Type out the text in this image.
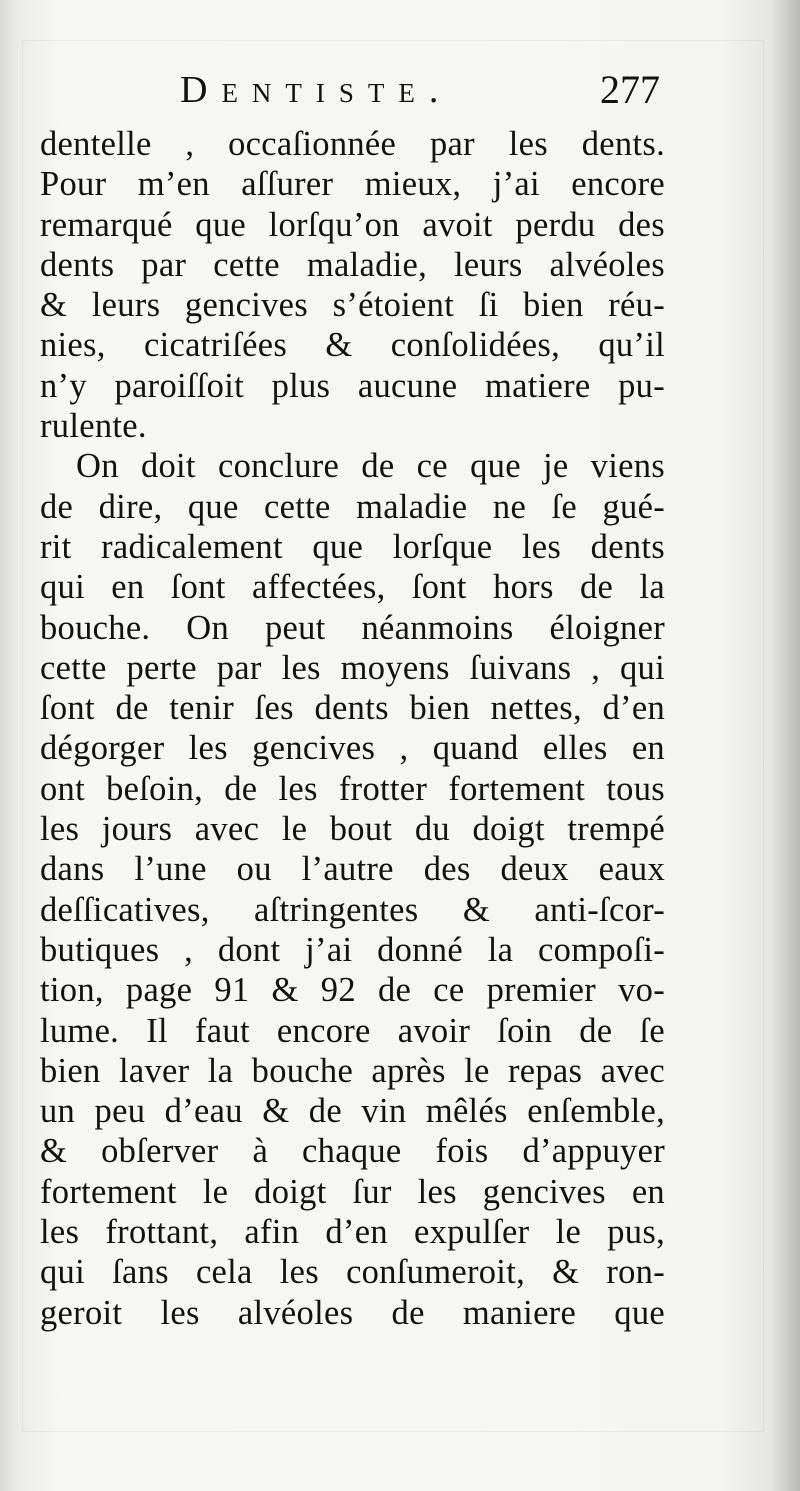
Dentiste.	277
dentelle , occaſionnée par les dents.
Pour m’en aſſurer mieux, j’ai encore
remarqué que lorſqu’on avoit perdu des
dents par cette maladie, leurs alvéoles
& leurs gencives s’étoient ſi bien réu-
nies, cicatriſées & conſolidées, qu’il
n’y paroiſſoit plus aucune matiere pu-
rulente.
On doit conclure de ce que je viens
de dire, que cette maladie ne ſe gué-
rit radicalement que lorſque les dents
qui en ſont affectées, ſont hors de la
bouche. On peut néanmoins éloigner
cette perte par les moyens ſuivans , qui
ſont de tenir ſes dents bien nettes, d’en
dégorger les gencives , quand elles en
ont beſoin, de les frotter fortement tous
les jours avec le bout du doigt trempé
dans l’une ou l’autre des deux eaux
deſſicatives, aſtringentes & anti-ſcor-
butiques , dont j’ai donné la compoſi-
tion, page 91 & 92 de ce premier vo-
lume. Il faut encore avoir ſoin de ſe
bien laver la bouche après le repas avec
un peu d’eau & de vin mêlés enſemble,
& obſerver à chaque fois d’appuyer
fortement le doigt ſur les gencives en
les frottant, afin d’en expulſer le pus,
qui ſans cela les conſumeroit, & ron-
geroit les alvéoles de maniere que
